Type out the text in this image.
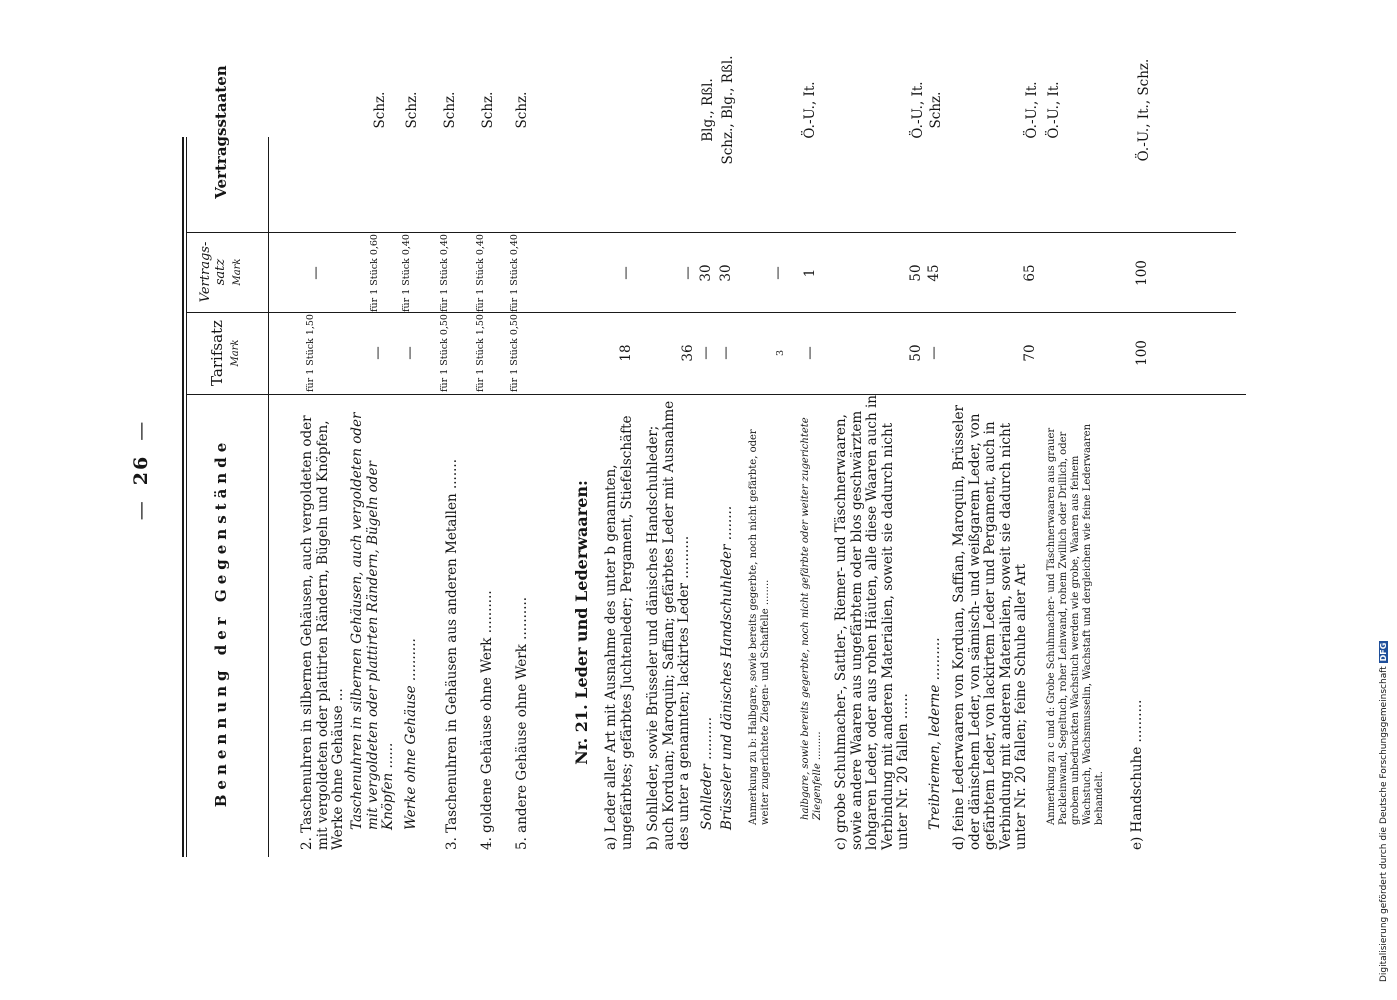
—26—
Benennung der Gegenstände
Tarifsatz Mark
Vertrags-satz Mark
Vertragsstaaten
2. Taschenuhren in silbernen Gehäusen, auch vergoldeten oder mit vergoldeten oder plattirten Rändern, Bügeln und Knöpfen, Werke ohne Gehäuse ...
für 1 Stück 1,50
—
Taschenuhren in silbernen Gehäusen, auch vergoldeten oder mit vergoldeten oder plattirten Rändern, Bügeln oder Knöpfen ......
—
für 1 Stück 0,60
Schz.
Werke ohne Gehäuse ..........
—
für 1 Stück 0,40
Schz.
3. Taschenuhren in Gehäusen aus anderen Metallen .......
für 1 Stück 0,50
für 1 Stück 0,40
Schz.
4. goldene Gehäuse ohne Werk ..........
für 1 Stück 1,50
für 1 Stück 0,40
Schz.
5. andere Gehäuse ohne Werk ..........
für 1 Stück 0,50
für 1 Stück 0,40
Schz.
Nr. 21. Leder und Lederwaaren: a) Leder aller Art mit Ausnahme des unter b genannten, ungefärbtes; gefärbtes Juchtenleder; Pergament, Stiefelschäfte
18
—
b) Sohlleder, sowie Brüsseler und dänisches Handschuhleder; auch Korduan; Maroquin; Saffian; gefärbtes Leder mit Ausnahme des unter a genannten; lackirtes Leder ..........
36
—
Sohlleder ..........
—
30
Blg., Rßl.
Brüsseler und dänisches Handschuhleder ........
—
30
Schz., Blg., Rßl.
Anmerkung zu b: Halbgare, sowie bereits gegerbte, noch nicht gefärbte, oder weiter zugerichtete Ziegen- und Schaffelle ........
3
—
halbgare, sowie bereits gegerbte, noch nicht gefärbte oder weiter zugerichtete Ziegenfelle .........
—
1
Ö.-U., It.
c) grobe Schuhmacher-, Sattler-, Riemer- und Täschnerwaaren, sowie andere Waaren aus ungefärbtem oder blos geschwärztem lohgaren Leder, oder aus rohen Häuten, alle diese Waaren auch in Verbindung mit anderen Materialien, soweit sie dadurch nicht unter Nr. 20 fallen ......
50
50
Ö.-U., It.
Treibriemen, lederne ..........
—
45
Schz.
d) feine Lederwaaren von Korduan, Saffian, Maroquin, Brüsseler oder dänischem Leder, von sämisch- und weißgarem Leder, von gefärbtem Leder, von lackirtem Leder und Pergament, auch in Verbindung mit anderen Materialien, soweit sie dadurch nicht unter Nr. 20 fallen; feine Schuhe aller Art
70
65
Ö.-U., It.
Anmerkung zu c und d: Grobe Schuhmacher- und Täschnerwaaren aus grauer Packleinwand, Segeltuch, roher Leinwand, rohem Zwillich oder Drillich, oder grobem unbedruckten Wachstuch werden wie grobe, Waaren aus feinem Wachstuch, Wachsmusselin, Wachstaft und dergleichen wie feine Lederwaaren behandelt.
Ö.-U., It.
e) Handschuhe ..........
100
100
Ö.-U., It., Schz.
Digitalisierung gefördert durch die Deutsche Forschungsgemeinschaft DFG
